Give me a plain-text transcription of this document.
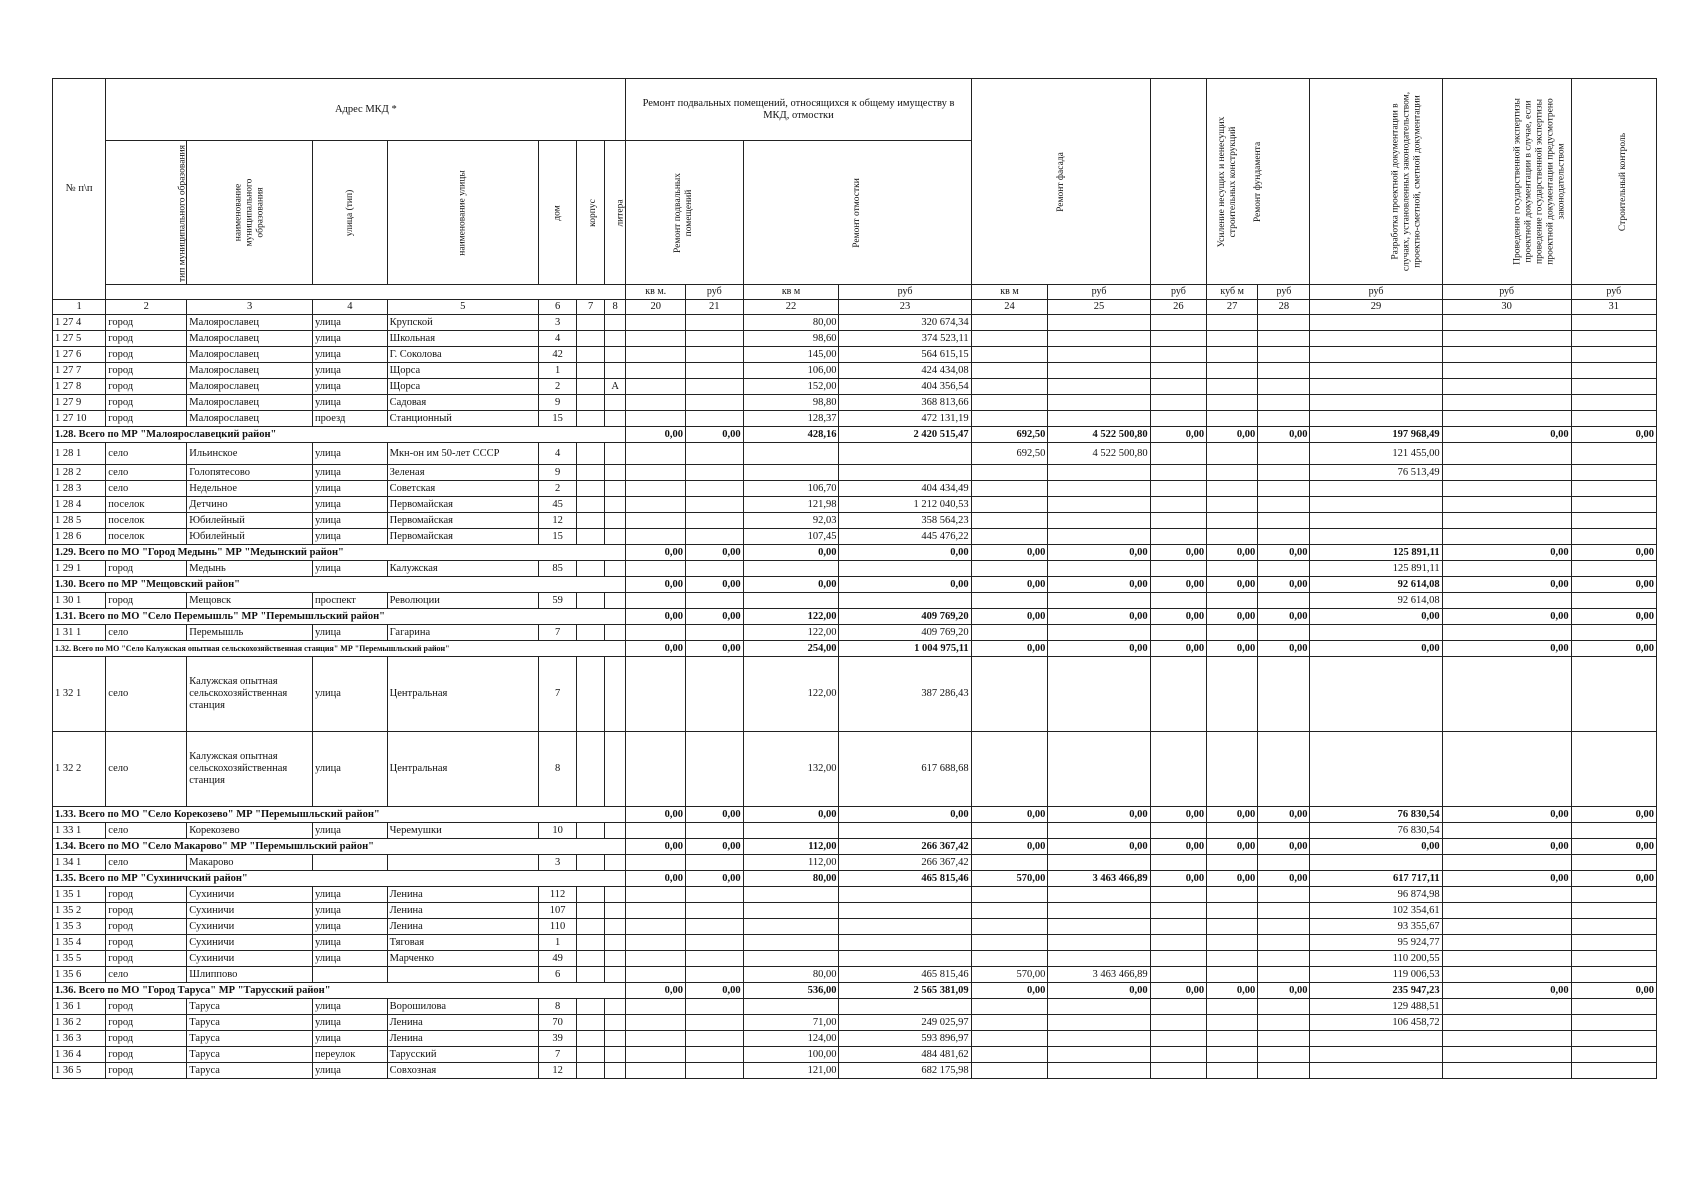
№ п\п	Адрес МКД *							Ремонт подвальных помещений, относящихся к общему имуществу в МКД, отмостки				Ремонт фасада		Усиление несущих и ненесущих строительных конструкций	Ремонт фундамента		Разработка проектной документации в случаях, установленных законодательством, проектно-сметной, сметной документации	Проведение государственной экспертизы проектной документации в случае, если проведение государственной экспертизы проектной документации предусмотрено законодательством	Строительный контроль
	тип муниципального образования	наименование муниципального образования	улица (тип)	наименование улицы	дом	корпус	литера	Ремонт подвальных помещений		Ремонт отмостки									
								кв м.	руб	кв м	руб	кв м	руб	руб	куб м	руб	руб	руб	руб
1	2	3	4	5	6	7	8	20	21	22	23	24	25	26	27	28	29	30	31
1 27 4	город	Малоярославец	улица	Крупской	3					80,00	320 674,34								
1 27 5	город	Малоярославец	улица	Школьная	4					98,60	374 523,11								
1 27 6	город	Малоярославец	улица	Г. Соколова	42					145,00	564 615,15								
1 27 7	город	Малоярославец	улица	Щорса	1					106,00	424 434,08								
1 27 8	город	Малоярославец	улица	Щорса	2		А			152,00	404 356,54								
1 27 9	город	Малоярославец	улица	Садовая	9					98,80	368 813,66								
1 27 10	город	Малоярославец	проезд	Станционный	15					128,37	472 131,19								
1.28. Всего по МР "Малоярославецкий район"								0,00	0,00	428,16	2 420 515,47	692,50	4 522 500,80	0,00	0,00	0,00	197 968,49	0,00	0,00
1 28 1	село	Ильинское	улица	Мкн-он им 50-лет СССР	4							692,50	4 522 500,80				121 455,00		
1 28 2	село	Голопятесово	улица	Зеленая	9												76 513,49		
1 28 3	село	Недельное	улица	Советская	2					106,70	404 434,49								
1 28 4	поселок	Детчино	улица	Первомайская	45					121,98	1 212 040,53								
1 28 5	поселок	Юбилейный	улица	Первомайская	12					92,03	358 564,23								
1 28 6	поселок	Юбилейный	улица	Первомайская	15					107,45	445 476,22								
1.29. Всего по МО "Город Медынь" МР "Медынский район"								0,00	0,00	0,00	0,00	0,00	0,00	0,00	0,00	0,00	125 891,11	0,00	0,00
1 29 1	город	Медынь	улица	Калужская	85												125 891,11		
1.30. Всего по МР "Мещовский район"								0,00	0,00	0,00	0,00	0,00	0,00	0,00	0,00	0,00	92 614,08	0,00	0,00
1 30 1	город	Мещовск	проспект	Революции	59												92 614,08		
1.31. Всего по МО "Село Перемышль" МР "Перемышльский район"								0,00	0,00	122,00	409 769,20	0,00	0,00	0,00	0,00	0,00	0,00	0,00	0,00
1 31 1	село	Перемышль	улица	Гагарина	7					122,00	409 769,20								
1.32. Всего по МО "Село Калужская опытная сельскохозяйственная станция" МР "Перемышльский район"								0,00	0,00	254,00	1 004 975,11	0,00	0,00	0,00	0,00	0,00	0,00	0,00	0,00
1 32 1	село	Калужская опытная сельскохозяйственная станция	улица	Центральная	7					122,00	387 286,43								
1 32 2	село	Калужская опытная сельскохозяйственная станция	улица	Центральная	8					132,00	617 688,68								
1.33. Всего по МО "Село Корекозево" МР "Перемышльский район"								0,00	0,00	0,00	0,00	0,00	0,00	0,00	0,00	0,00	76 830,54	0,00	0,00
1 33 1	село	Корекозево	улица	Черемушки	10												76 830,54		
1.34. Всего по МО "Село Макарово" МР "Перемышльский район"								0,00	0,00	112,00	266 367,42	0,00	0,00	0,00	0,00	0,00	0,00	0,00	0,00
1 34 1	село	Макарово			3					112,00	266 367,42								
1.35. Всего по МР "Сухиничский район"								0,00	0,00	80,00	465 815,46	570,00	3 463 466,89	0,00	0,00	0,00	617 717,11	0,00	0,00
1 35 1	город	Сухиничи	улица	Ленина	112												96 874,98		
1 35 2	город	Сухиничи	улица	Ленина	107												102 354,61		
1 35 3	город	Сухиничи	улица	Ленина	110												93 355,67		
1 35 4	город	Сухиничи	улица	Тяговая	1												95 924,77		
1 35 5	город	Сухиничи	улица	Марченко	49												110 200,55		
1 35 6	село	Шлиппово			6					80,00	465 815,46	570,00	3 463 466,89				119 006,53		
1.36. Всего по МО "Город Таруса" МР "Тарусский район"								0,00	0,00	536,00	2 565 381,09	0,00	0,00	0,00	0,00	0,00	235 947,23	0,00	0,00
1 36 1	город	Таруса	улица	Ворошилова	8												129 488,51		
1 36 2	город	Таруса	улица	Ленина	70					71,00	249 025,97						106 458,72		
1 36 3	город	Таруса	улица	Ленина	39					124,00	593 896,97								
1 36 4	город	Таруса	переулок	Тарусский	7					100,00	484 481,62								
1 36 5	город	Таруса	улица	Совхозная	12					121,00	682 175,98								
